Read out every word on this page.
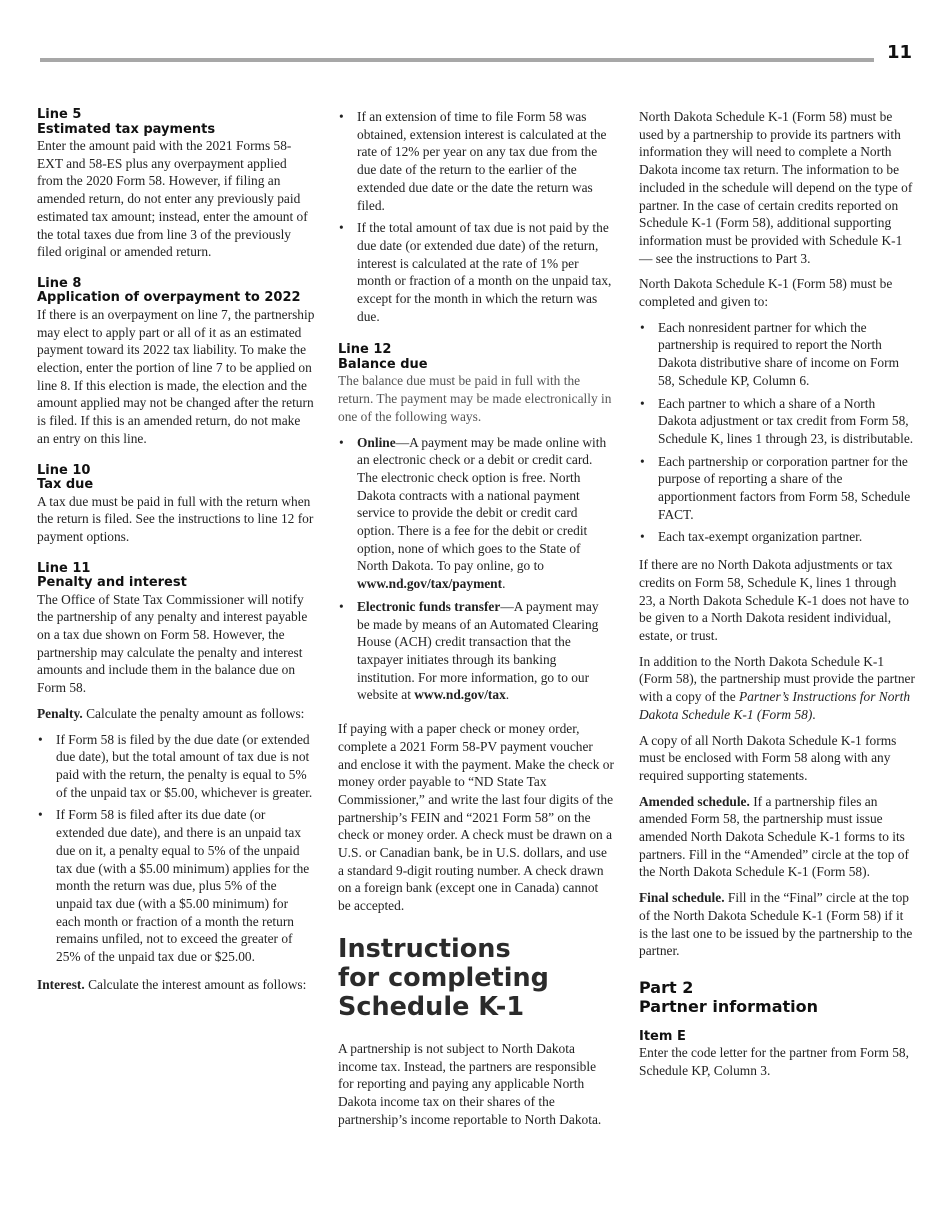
11
Line 5
Estimated tax payments

Enter the amount paid with the 2021 Forms 58-EXT and 58-ES plus any overpayment applied from the 2020 Form 58. However, if filing an amended return, do not enter any previously paid estimated tax amount; instead, enter the amount of the total taxes due from line 3 of the previously filed original or amended return.

Line 8
Application of overpayment to 2022

If there is an overpayment on line 7, the partnership may elect to apply part or all of it as an estimated payment toward its 2022 tax liability. To make the election, enter the portion of line 7 to be applied on line 8. If this election is made, the election and the amount applied may not be changed after the return is filed. If this is an amended return, do not make an entry on this line.

Line 10
Tax due

A tax due must be paid in full with the return when the return is filed. See the instructions to line 12 for payment options.

Line 11
Penalty and interest

The Office of State Tax Commissioner will notify the partnership of any penalty and interest payable on a tax due shown on Form 58. However, the partnership may calculate the penalty and interest amounts and include them in the balance due on Form 58.

Penalty. Calculate the penalty amount as follows:

• If Form 58 is filed by the due date (or extended due date), but the total amount of tax due is not paid with the return, the penalty is equal to 5% of the unpaid tax or $5.00, whichever is greater.
• If Form 58 is filed after its due date (or extended due date), and there is an unpaid tax due on it, a penalty equal to 5% of the unpaid tax due (with a $5.00 minimum) applies for the month the return was due, plus 5% of the unpaid tax due (with a $5.00 minimum) for each month or fraction of a month the return remains unfiled, not to exceed the greater of 25% of the unpaid tax due or $25.00.

Interest. Calculate the interest amount as follows:

• If an extension of time to file Form 58 was obtained, extension interest is calculated at the rate of 12% per year on any tax due from the due date of the return to the earlier of the extended due date or the date the return was filed.
• If the total amount of tax due is not paid by the due date (or extended due date) of the return, interest is calculated at the rate of 1% per month or fraction of a month on the unpaid tax, except for the month in which the return was due.
Line 12
Balance due

The balance due must be paid in full with the return. The payment may be made electronically in one of the following ways.

• Online—A payment may be made online with an electronic check or a debit or credit card. The electronic check option is free. North Dakota contracts with a national payment service to provide the debit or credit card option. There is a fee for the debit or credit option, none of which goes to the State of North Dakota. To pay online, go to www.nd.gov/tax/payment.
• Electronic funds transfer—A payment may be made by means of an Automated Clearing House (ACH) credit transaction that the taxpayer initiates through its banking institution. For more information, go to our website at www.nd.gov/tax.

If paying with a paper check or money order, complete a 2021 Form 58-PV payment voucher and enclose it with the payment. Make the check or money order payable to “ND State Tax Commissioner,” and write the last four digits of the partnership’s FEIN and “2021 Form 58” on the check or money order. A check must be drawn on a U.S. or Canadian bank, be in U.S. dollars, and use a standard 9-digit routing number. A check drawn on a foreign bank (except one in Canada) cannot be accepted.

Instructions
for completing
Schedule K-1

A partnership is not subject to North Dakota income tax. Instead, the partners are responsible for reporting and paying any applicable North Dakota income tax on their shares of the partnership’s income reportable to North Dakota.

North Dakota Schedule K-1 (Form 58) must be used by a partnership to provide its partners with information they will need to complete a North Dakota income tax return. The information to be included in the schedule will depend on the type of partner. In the case of certain credits reported on Schedule K-1 (Form 58), additional supporting information must be provided with Schedule K-1 — see the instructions to Part 3.

North Dakota Schedule K-1 (Form 58) must be completed and given to:

• Each nonresident partner for which the partnership is required to report the North Dakota distributive share of income on Form 58, Schedule KP, Column 6.
• Each partner to which a share of a North Dakota adjustment or tax credit from Form 58, Schedule K, lines 1 through 23, is distributable.
• Each partnership or corporation partner for the purpose of reporting a share of the apportionment factors from Form 58, Schedule FACT.
• Each tax-exempt organization partner.

If there are no North Dakota adjustments or tax credits on Form 58, Schedule K, lines 1 through 23, a North Dakota Schedule K-1 does not have to be given to a North Dakota resident individual, estate, or trust.

In addition to the North Dakota Schedule K-1 (Form 58), the partnership must provide the partner with a copy of the Partner’s Instructions for North Dakota Schedule K-1 (Form 58).

A copy of all North Dakota Schedule K-1 forms must be enclosed with Form 58 along with any required supporting statements.

Amended schedule. If a partnership files an amended Form 58, the partnership must issue amended North Dakota Schedule K-1 forms to its partners. Fill in the “Amended” circle at the top of the North Dakota Schedule K-1 (Form 58).

Final schedule. Fill in the “Final” circle at the top of the North Dakota Schedule K-1 (Form 58) if it is the last one to be issued by the partnership to the partner.

Part 2
Partner information
Item E

Enter the code letter for the partner from Form 58, Schedule KP, Column 3.
